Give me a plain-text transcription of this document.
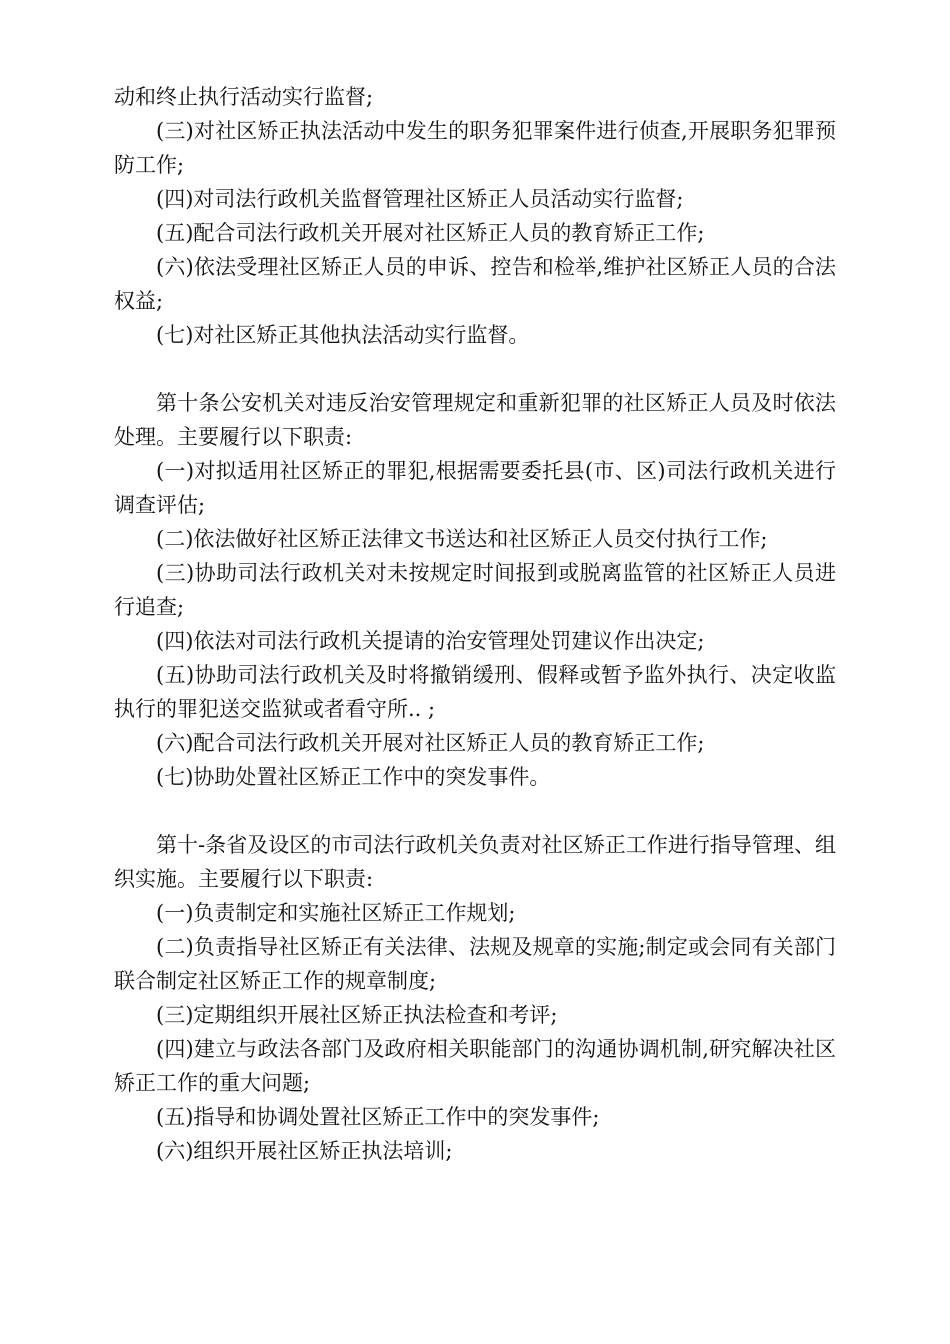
动和终止执行活动实行监督;

(三)对社区矫正执法活动中发生的职务犯罪案件进行侦查,开展职务犯罪预防工作;

(四)对司法行政机关监督管理社区矫正人员活动实行监督;

(五)配合司法行政机关开展对社区矫正人员的教育矫正工作;

(六)依法受理社区矫正人员的申诉、控告和检举,维护社区矫正人员的合法权益;

(七)对社区矫正其他执法活动实行监督。

第十条公安机关对违反治安管理规定和重新犯罪的社区矫正人员及时依法处理。主要履行以下职责:

(一)对拟适用社区矫正的罪犯,根据需要委托县(市、区)司法行政机关进行调查评估;

(二)依法做好社区矫正法律文书送达和社区矫正人员交付执行工作;

(三)协助司法行政机关对未按规定时间报到或脱离监管的社区矫正人员进行追查;

(四)依法对司法行政机关提请的治安管理处罚建议作出决定;

(五)协助司法行政机关及时将撤销缓刑、假释或暂予监外执行、决定收监执行的罪犯送交监狱或者看守所.. ;

(六)配合司法行政机关开展对社区矫正人员的教育矫正工作;

(七)协助处置社区矫正工作中的突发事件。

第十-条省及设区的市司法行政机关负责对社区矫正工作进行指导管理、组织实施。主要履行以下职责:

(一)负责制定和实施社区矫正工作规划;

(二)负责指导社区矫正有关法律、法规及规章的实施;制定或会同有关部门联合制定社区矫正工作的规章制度;

(三)定期组织开展社区矫正执法检查和考评;

(四)建立与政法各部门及政府相关职能部门的沟通协调机制,研究解决社区矫正工作的重大问题;

(五)指导和协调处置社区矫正工作中的突发事件;

(六)组织开展社区矫正执法培训;
